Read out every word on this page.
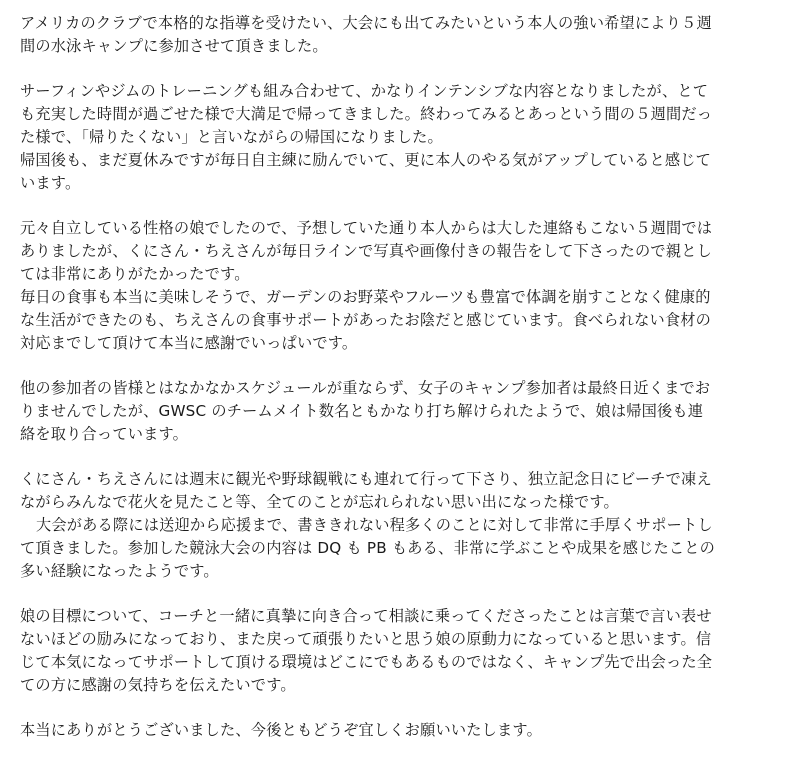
アメリカのクラブで本格的な指導を受けたい、大会にも出てみたいという本人の強い希望により５週
間の水泳キャンプに参加させて頂きました。

サーフィンやジムのトレーニングも組み合わせて、かなりインテンシブな内容となりましたが、とて
も充実した時間が過ごせた様で大満足で帰ってきました。終わってみるとあっという間の５週間だっ
た様で、「帰りたくない」と言いながらの帰国になりました。
帰国後も、まだ夏休みですが毎日自主練に励んでいて、更に本人のやる気がアップしていると感じて
います。

元々自立している性格の娘でしたので、予想していた通り本人からは大した連絡もこない５週間では
ありましたが、くにさん・ちえさんが毎日ラインで写真や画像付きの報告をして下さったので親とし
ては非常にありがたかったです。
毎日の食事も本当に美味しそうで、ガーデンのお野菜やフルーツも豊富で体調を崩すことなく健康的
な生活ができたのも、ちえさんの食事サポートがあったお陰だと感じています。食べられない食材の
対応までして頂けて本当に感謝でいっぱいです。

他の参加者の皆様とはなかなかスケジュールが重ならず、女子のキャンプ参加者は最終日近くまでお
りませんでしたが、GWSC のチームメイト数名ともかなり打ち解けられたようで、娘は帰国後も連
絡を取り合っています。

くにさん・ちえさんには週末に観光や野球観戦にも連れて行って下さり、独立記念日にビーチで凍え
ながらみんなで花火を見たこと等、全てのことが忘れられない思い出になった様です。
大会がある際には送迎から応援まで、書ききれない程多くのことに対して非常に手厚くサポートし
て頂きました。参加した競泳大会の内容は DQ も PB もある、非常に学ぶことや成果を感じたことの
多い経験になったようです。

娘の目標について、コーチと一緒に真摯に向き合って相談に乗ってくださったことは言葉で言い表せ
ないほどの励みになっており、また戻って頑張りたいと思う娘の原動力になっていると思います。信
じて本気になってサポートして頂ける環境はどこにでもあるものではなく、キャンプ先で出会った全
ての方に感謝の気持ちを伝えたいです。

本当にありがとうございました、今後ともどうぞ宜しくお願いいたします。
